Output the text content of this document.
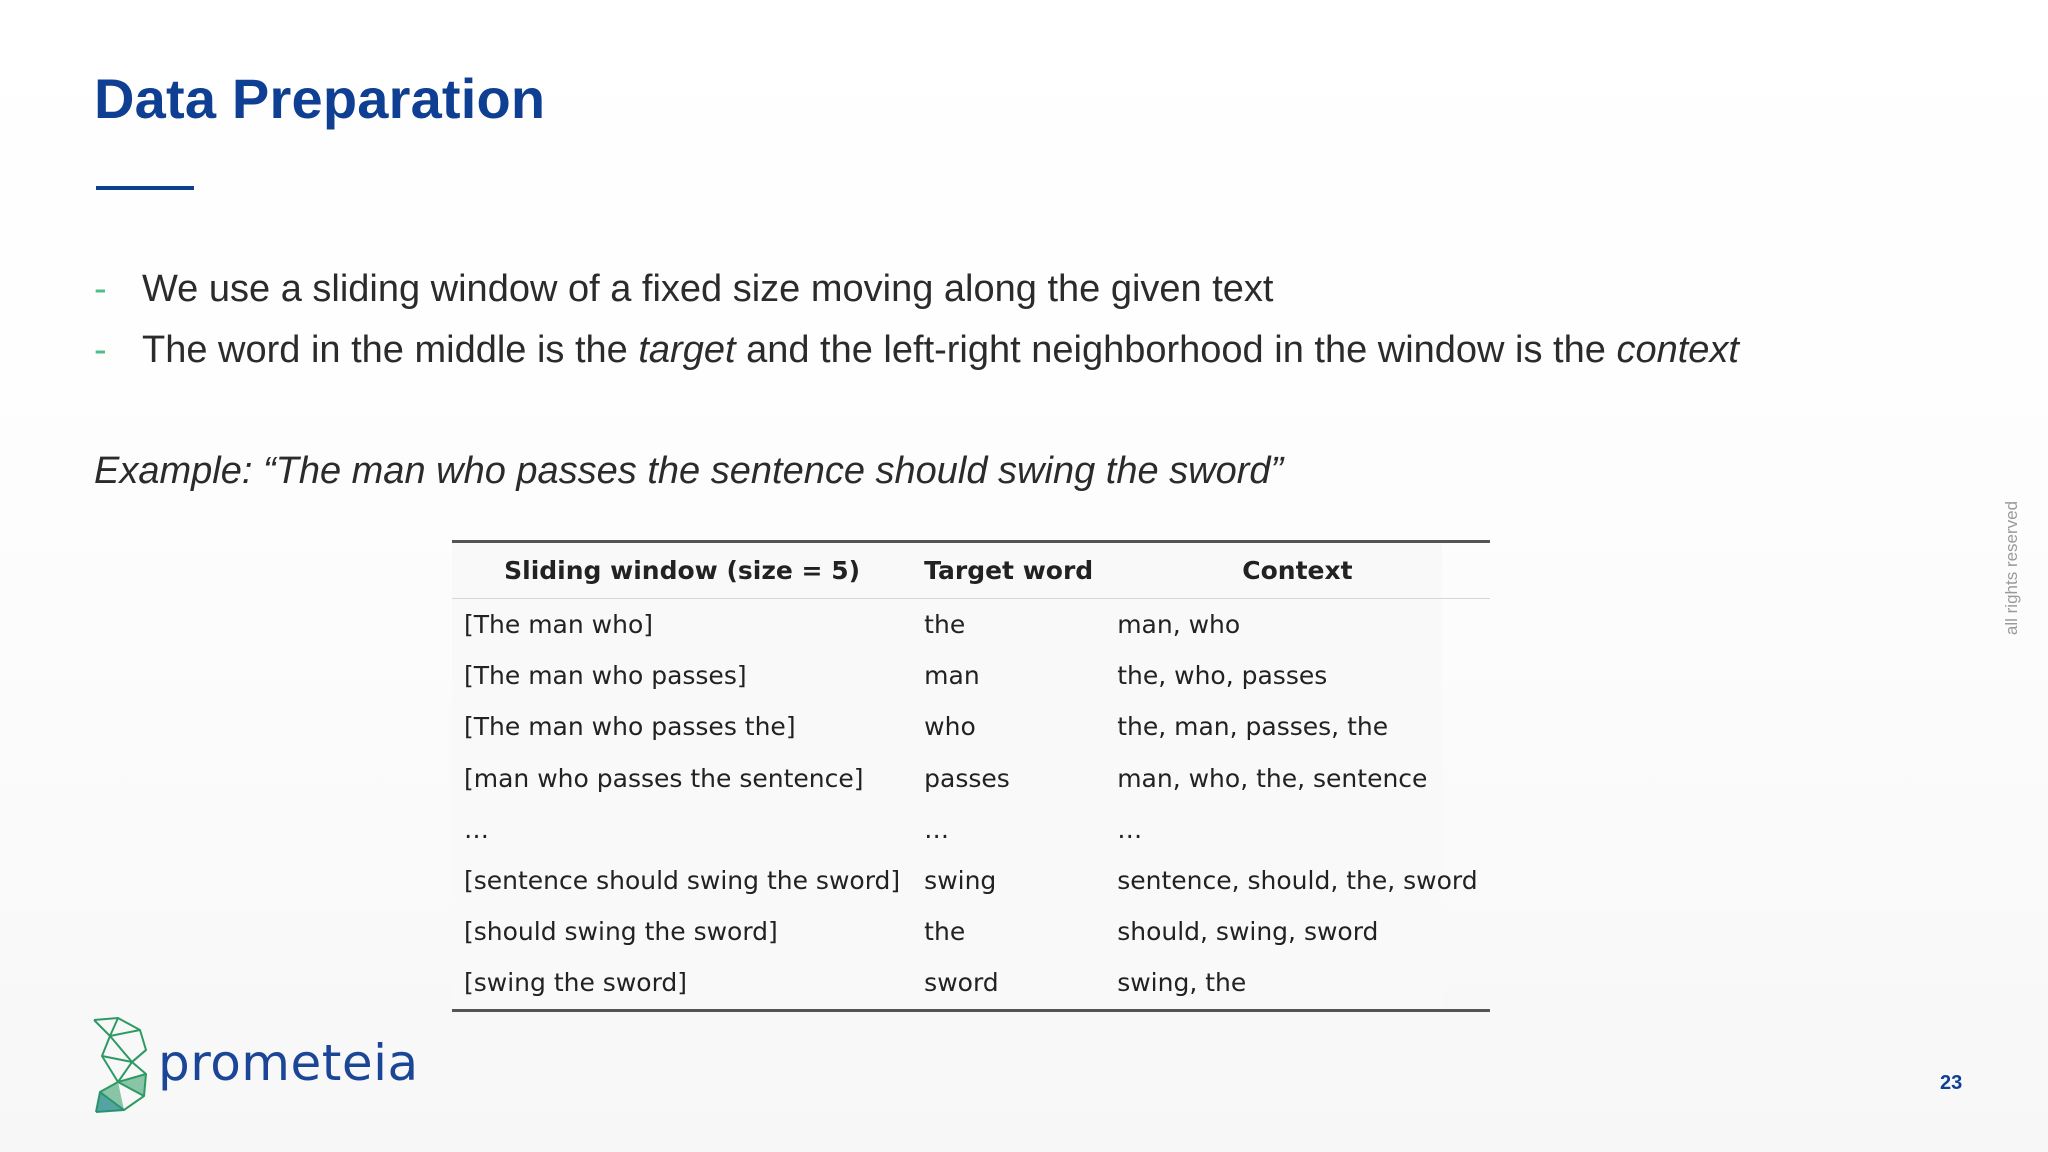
Data Preparation
- We use a sliding window of a fixed size moving along the given text
- The word in the middle is the target and the left-right neighborhood in the window is the context
Example: “The man who passes the sentence should swing the sword”
Sliding window (size = 5)	Target word	Context
[The man who]	the	man, who
[The man who passes]	man	the, who, passes
[The man who passes the]	who	the, man, passes, the
[man who passes the sentence]	passes	man, who, the, sentence
…	…	…
[sentence should swing the sword]	swing	sentence, should, the, sword
[should swing the sword]	the	should, swing, sword
[swing the sword]	sword	swing, the
all rights reserved
prometeia	23
